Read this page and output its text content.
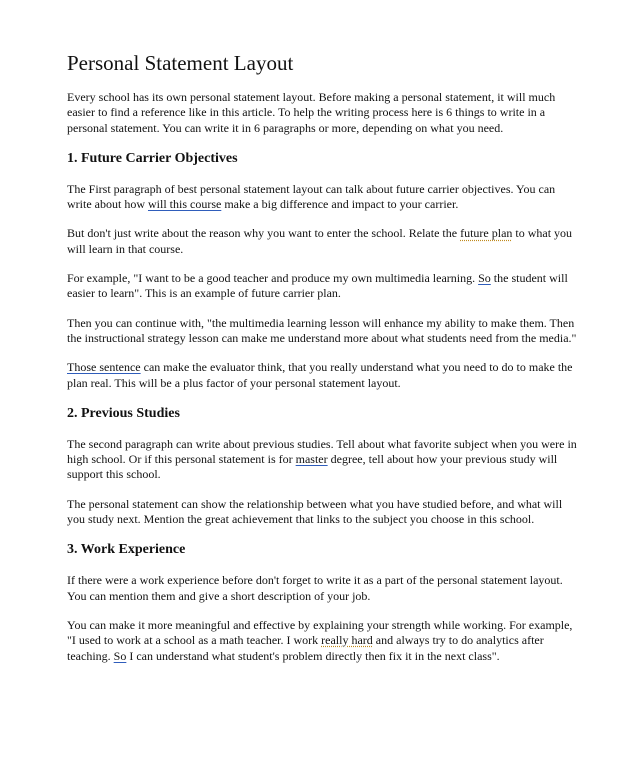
Personal Statement Layout

Every school has its own personal statement layout. Before making a personal statement, it will much easier to find a reference like in this article. To help the writing process here is 6 things to write in a personal statement. You can write it in 6 paragraphs or more, depending on what you need.

1. Future Carrier Objectives

The First paragraph of best personal statement layout can talk about future carrier objectives. You can write about how will this course make a big difference and impact to your carrier.

But don't just write about the reason why you want to enter the school. Relate the future plan to what you will learn in that course.

For example, "I want to be a good teacher and produce my own multimedia learning. So the student will easier to learn". This is an example of future carrier plan.

Then you can continue with, "the multimedia learning lesson will enhance my ability to make them. Then the instructional strategy lesson can make me understand more about what students need from the media."

Those sentence can make the evaluator think, that you really understand what you need to do to make the plan real. This will be a plus factor of your personal statement layout.

2. Previous Studies

The second paragraph can write about previous studies. Tell about what favorite subject when you were in high school. Or if this personal statement is for master degree, tell about how your previous study will support this school.

The personal statement can show the relationship between what you have studied before, and what will you study next. Mention the great achievement that links to the subject you choose in this school.

3. Work Experience

If there were a work experience before don't forget to write it as a part of the personal statement layout. You can mention them and give a short description of your job.

You can make it more meaningful and effective by explaining your strength while working. For example, "I used to work at a school as a math teacher. I work really hard and always try to do analytics after teaching. So I can understand what student's problem directly then fix it in the next class".
